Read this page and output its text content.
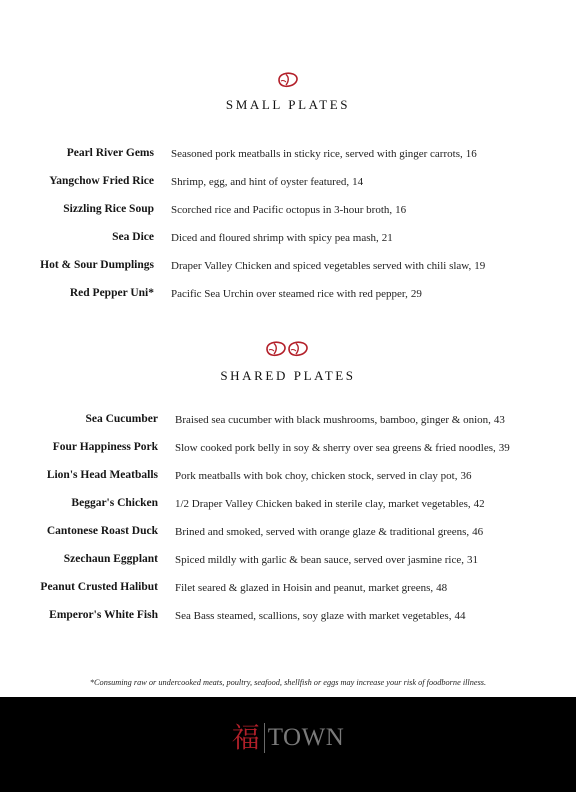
SMALL PLATES
Pearl River Gems Seasoned pork meatballs in sticky rice, served with ginger carrots, 16
Yangchow Fried Rice Shrimp, egg, and hint of oyster featured, 14
Sizzling Rice Soup Scorched rice and Pacific octopus in 3-hour broth, 16
Sea Dice Diced and floured shrimp with spicy pea mash, 21
Hot & Sour Dumplings Draper Valley Chicken and spiced vegetables served with chili slaw, 19
Red Pepper Uni* Pacific Sea Urchin over steamed rice with red pepper, 29
SHARED PLATES
Sea Cucumber Braised sea cucumber with black mushrooms, bamboo, ginger & onion, 43
Four Happiness Pork Slow cooked pork belly in soy & sherry over sea greens & fried noodles, 39
Lion's Head Meatballs Pork meatballs with bok choy, chicken stock, served in clay pot, 36
Beggar's Chicken 1/2 Draper Valley Chicken baked in sterile clay, market vegetables, 42
Cantonese Roast Duck Brined and smoked, served with orange glaze & traditional greens, 46
Szechaun Eggplant Spiced mildly with garlic & bean sauce, served over jasmine rice, 31
Peanut Crusted Halibut Filet seared & glazed in Hoisin and peanut, market greens, 48
Emperor's White Fish Sea Bass steamed, scallions, soy glaze with market vegetables, 44
*Consuming raw or undercooked meats, poultry, seafood, shellfish or eggs may increase your risk of foodborne illness.
福 TOWN
